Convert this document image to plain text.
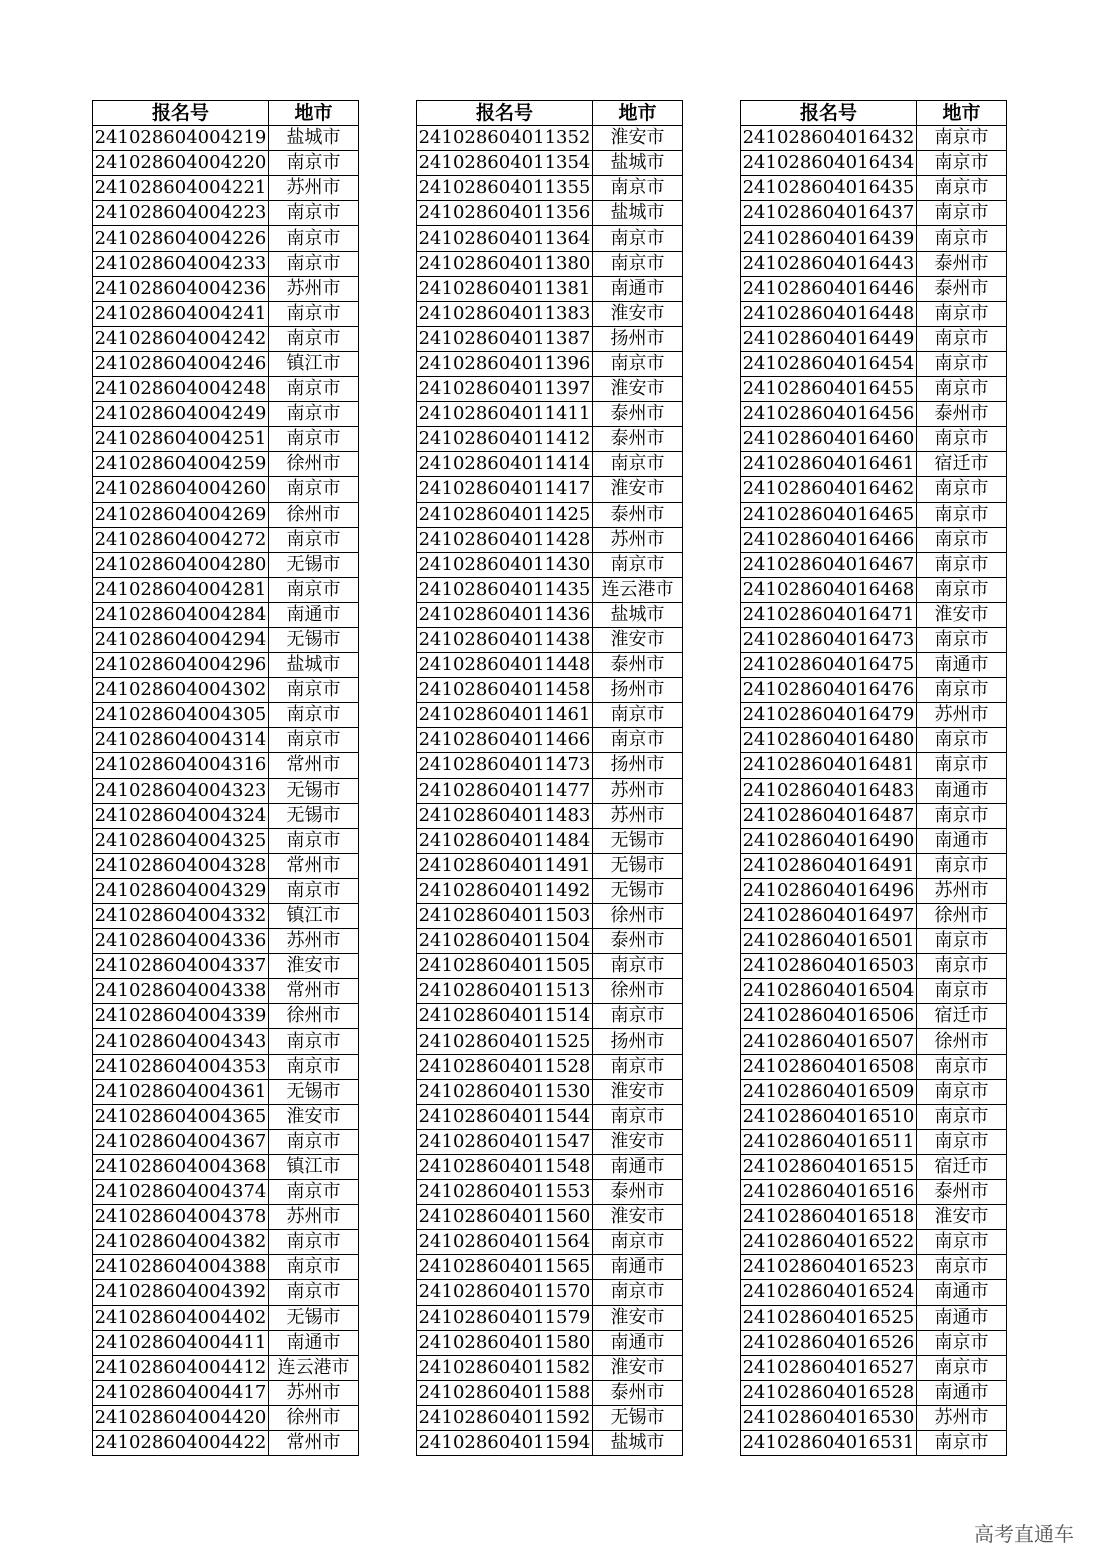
报名号	地市
241028604004219	盐城市
241028604004220	南京市
241028604004221	苏州市
241028604004223	南京市
241028604004226	南京市
241028604004233	南京市
241028604004236	苏州市
241028604004241	南京市
241028604004242	南京市
241028604004246	镇江市
241028604004248	南京市
241028604004249	南京市
241028604004251	南京市
241028604004259	徐州市
241028604004260	南京市
241028604004269	徐州市
241028604004272	南京市
241028604004280	无锡市
241028604004281	南京市
241028604004284	南通市
241028604004294	无锡市
241028604004296	盐城市
241028604004302	南京市
241028604004305	南京市
241028604004314	南京市
241028604004316	常州市
241028604004323	无锡市
241028604004324	无锡市
241028604004325	南京市
241028604004328	常州市
241028604004329	南京市
241028604004332	镇江市
241028604004336	苏州市
241028604004337	淮安市
241028604004338	常州市
241028604004339	徐州市
241028604004343	南京市
241028604004353	南京市
241028604004361	无锡市
241028604004365	淮安市
241028604004367	南京市
241028604004368	镇江市
241028604004374	南京市
241028604004378	苏州市
241028604004382	南京市
241028604004388	南京市
241028604004392	南京市
241028604004402	无锡市
241028604004411	南通市
241028604004412	连云港市
241028604004417	苏州市
241028604004420	徐州市
241028604004422	常州市
报名号	地市
241028604011352	淮安市
241028604011354	盐城市
241028604011355	南京市
241028604011356	盐城市
241028604011364	南京市
241028604011380	南京市
241028604011381	南通市
241028604011383	淮安市
241028604011387	扬州市
241028604011396	南京市
241028604011397	淮安市
241028604011411	泰州市
241028604011412	泰州市
241028604011414	南京市
241028604011417	淮安市
241028604011425	泰州市
241028604011428	苏州市
241028604011430	南京市
241028604011435	连云港市
241028604011436	盐城市
241028604011438	淮安市
241028604011448	泰州市
241028604011458	扬州市
241028604011461	南京市
241028604011466	南京市
241028604011473	扬州市
241028604011477	苏州市
241028604011483	苏州市
241028604011484	无锡市
241028604011491	无锡市
241028604011492	无锡市
241028604011503	徐州市
241028604011504	泰州市
241028604011505	南京市
241028604011513	徐州市
241028604011514	南京市
241028604011525	扬州市
241028604011528	南京市
241028604011530	淮安市
241028604011544	南京市
241028604011547	淮安市
241028604011548	南通市
241028604011553	泰州市
241028604011560	淮安市
241028604011564	南京市
241028604011565	南通市
241028604011570	南京市
241028604011579	淮安市
241028604011580	南通市
241028604011582	淮安市
241028604011588	泰州市
241028604011592	无锡市
241028604011594	盐城市
报名号	地市
241028604016432	南京市
241028604016434	南京市
241028604016435	南京市
241028604016437	南京市
241028604016439	南京市
241028604016443	泰州市
241028604016446	泰州市
241028604016448	南京市
241028604016449	南京市
241028604016454	南京市
241028604016455	南京市
241028604016456	泰州市
241028604016460	南京市
241028604016461	宿迁市
241028604016462	南京市
241028604016465	南京市
241028604016466	南京市
241028604016467	南京市
241028604016468	南京市
241028604016471	淮安市
241028604016473	南京市
241028604016475	南通市
241028604016476	南京市
241028604016479	苏州市
241028604016480	南京市
241028604016481	南京市
241028604016483	南通市
241028604016487	南京市
241028604016490	南通市
241028604016491	南京市
241028604016496	苏州市
241028604016497	徐州市
241028604016501	南京市
241028604016503	南京市
241028604016504	南京市
241028604016506	宿迁市
241028604016507	徐州市
241028604016508	南京市
241028604016509	南京市
241028604016510	南京市
241028604016511	南京市
241028604016515	宿迁市
241028604016516	泰州市
241028604016518	淮安市
241028604016522	南京市
241028604016523	南京市
241028604016524	南通市
241028604016525	南通市
241028604016526	南京市
241028604016527	南京市
241028604016528	南通市
241028604016530	苏州市
241028604016531	南京市
高考直通车
